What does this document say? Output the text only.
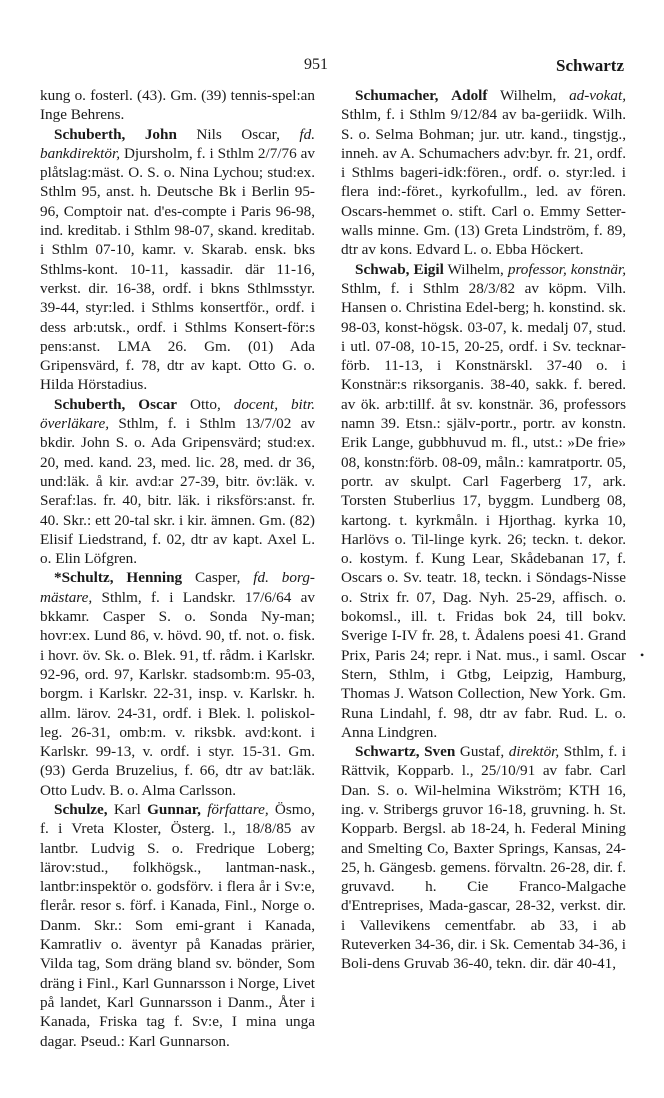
951	Schwartz

kung o. fosterl. (43). Gm. (39) tennis-spel:an Inge Behrens.

Schuberth, John Nils Oscar, fd. bankdirektör, Djursholm, f. i Sthlm 2/7/76 av plåtslag:mäst. O. S. o. Nina Lychou; stud:ex. Sthlm 95, anst. h. Deutsche Bk i Berlin 95-96, Comptoir nat. d'es-compte i Paris 96-98, ind. kreditab. i Sthlm 98-07, skand. kreditab. i Sthlm 07-10, kamr. v. Skarab. ensk. bks Sthlms-kont. 10-11, kassadir. där 11-16, verkst. dir. 16-38, ordf. i bkns Sthlmsstyr. 39-44, styr:led. i Sthlms konsertför., ordf. i dess arb:utsk., ordf. i Sthlms Konsert-för:s pens:anst. LMA 26. Gm. (01) Ada Gripensvärd, f. 78, dtr av kapt. Otto G. o. Hilda Hörstadius.

Schuberth, Oscar Otto, docent, bitr. överläkare, Sthlm, f. i Sthlm 13/7/02 av bkdir. John S. o. Ada Gripensvärd; stud:ex. 20, med. kand. 23, med. lic. 28, med. dr 36, und:läk. å kir. avd:ar 27-39, bitr. öv:läk. v. Seraf:las. fr. 40, bitr. läk. i riksförs:anst. fr. 40. Skr.: ett 20-tal skr. i kir. ämnen. Gm. (82) Elisif Liedstrand, f. 02, dtr av kapt. Axel L. o. Elin Löfgren.

*Schultz, Henning Casper, fd. borg-mästare, Sthlm, f. i Landskr. 17/6/64 av bkkamr. Casper S. o. Sonda Ny-man; hovr:ex. Lund 86, v. hövd. 90, tf. not. o. fisk. i hovr. öv. Sk. o. Blek. 91, tf. rådm. i Karlskr. 92-96, ord. 97, Karlskr. stadsomb:m. 95-03, borgm. i Karlskr. 22-31, insp. v. Karlskr. h. allm. lärov. 24-31, ordf. i Blek. l. poliskol-leg. 26-31, omb:m. v. riksbk. avd:kont. i Karlskr. 99-13, v. ordf. i styr. 15-31. Gm. (93) Gerda Bruzelius, f. 66, dtr av bat:läk. Otto Ludv. B. o. Alma Carlsson.

Schulze, Karl Gunnar, författare, Ösmo, f. i Vreta Kloster, Österg. l., 18/8/85 av lantbr. Ludvig S. o. Fredrique Loberg; lärov:stud., folkhögsk., lantman-nask., lantbr:inspektör o. godsförv. i flera år i Sv:e, flerår. resor s. förf. i Kanada, Finl., Norge o. Danm. Skr.: Som emi-grant i Kanada, Kamratliv o. äventyr på Kanadas prärier, Vilda tag, Som dräng bland sv. bönder, Som dräng i Finl., Karl Gunnarsson i Norge, Livet på landet, Karl Gunnarsson i Danm., Åter i Kanada, Friska tag f. Sv:e, I mina unga dagar. Pseud.: Karl Gunnarson.

Schumacher, Adolf Wilhelm, ad-vokat, Sthlm, f. i Sthlm 9/12/84 av ba-geriidk. Wilh. S. o. Selma Bohman; jur. utr. kand., tingstjg., inneh. av A. Schumachers adv:byr. fr. 21, ordf. i Sthlms bageri-idk:fören., ordf. o. styr:led. i flera ind:-föret., kyrkofullm., led. av fören. Oscars-hemmet o. stift. Carl o. Emmy Setter-walls minne. Gm. (13) Greta Lindström, f. 89, dtr av kons. Edvard L. o. Ebba Höckert.

Schwab, Eigil Wilhelm, professor, konstnär, Sthlm, f. i Sthlm 28/3/82 av köpm. Vilh. Hansen o. Christina Edel-berg; h. konstind. sk. 98-03, konst-högsk. 03-07, k. medalj 07, stud. i utl. 07-08, 10-15, 20-25, ordf. i Sv. tecknar-förb. 11-13, i Konstnärskl. 37-40 o. i Konstnär:s riksorganis. 38-40, sakk. f. bered. av ök. arb:tillf. åt sv. konstnär. 36, professors namn 39. Etsn.: själv-portr., portr. av konstn. Erik Lange, gubbhuvud m. fl., utst.: »De frie» 08, konstn:förb. 08-09, måln.: kamratportr. 05, portr. av skulpt. Carl Fagerberg 17, ark. Torsten Stuberlius 17, byggm. Lundberg 08, kartong. t. kyrkmåln. i Hjorthag. kyrka 10, Harlövs o. Til-linge kyrk. 26; teckn. t. dekor. o. kostym. f. Kung Lear, Skådebanan 17, f. Oscars o. Sv. teatr. 18, teckn. i Söndags-Nisse o. Strix fr. 07, Dag. Nyh. 25-29, affisch. o. bokomsl., ill. t. Fridas bok 24, till bokv. Sverige I-IV fr. 28, t. Ådalens poesi 41. Grand Prix, Paris 24; repr. i Nat. mus., i saml. Oscar Stern, Sthlm, i Gtbg, Leipzig, Hamburg, Thomas J. Watson Collection, New York. Gm. Runa Lindahl, f. 98, dtr av fabr. Rud. L. o. Anna Lindgren.

Schwartz, Sven Gustaf, direktör, Sthlm, f. i Rättvik, Kopparb. l., 25/10/91 av fabr. Carl Dan. S. o. Wil-helmina Wikström; KTH 16, ing. v. Stribergs gruvor 16-18, gruvning. h. St. Kopparb. Bergsl. ab 18-24, h. Federal Mining and Smelting Co, Baxter Springs, Kansas, 24-25, h. Gängesb. gemens. förvaltn. 26-28, dir. f. gruvavd. h. Cie Franco-Malgache d'Entreprises, Mada-gascar, 28-32, verkst. dir. i Vallevikens cementfabr. ab 33, i ab Ruteverken 34-36, dir. i Sk. Cementab 34-36, i Boli-dens Gruvab 36-40, tekn. dir. där 40-41,

•
